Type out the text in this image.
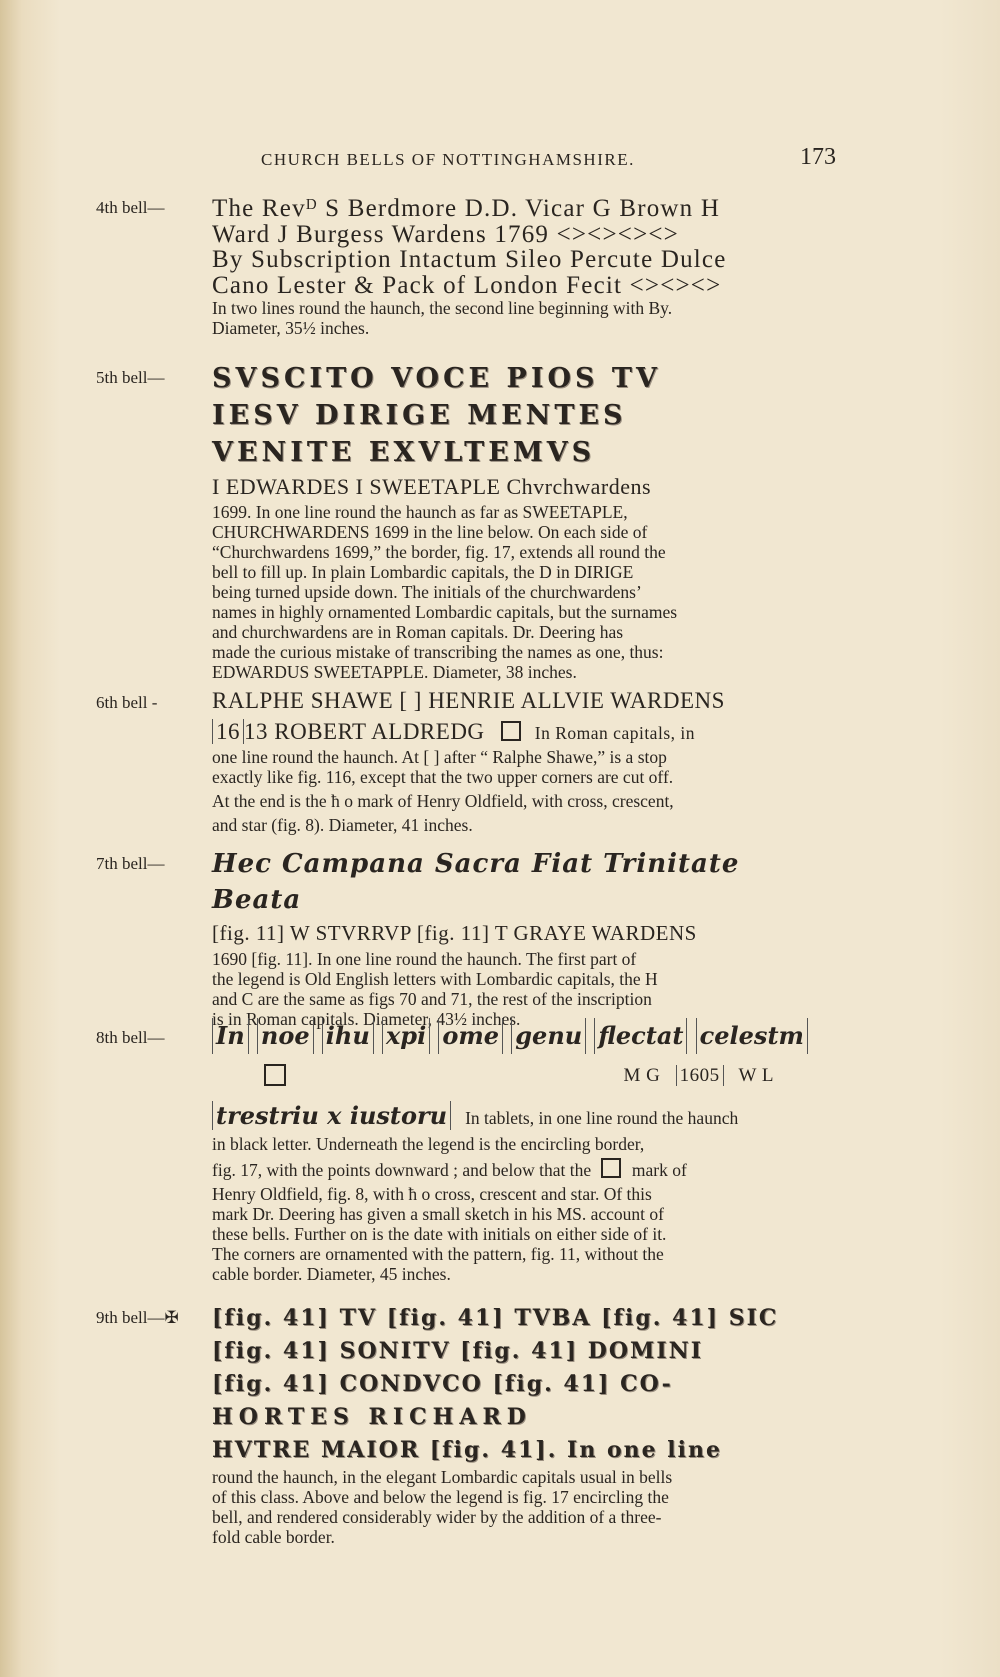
CHURCH BELLS OF NOTTINGHAMSHIRE.	173
4th bell— The Revᴰ S Berdmore D.D. Vicar G Brown H
Ward J Burgess Wardens 1769 <><><><>
By Subscription Intactum Sileo Percute Dulce
Cano Lester & Pack of London Fecit <><><>
In two lines round the haunch, the second line beginning with By.
Diameter, 35½ inches.
5th bell— SVSCITO VOCE PIOS TV
IESV DIRIGE MENTES
VENITE EXVLTEMVS
I EDWARDES I SWEETAPLE Chvrchwardens
1699. In one line round the haunch as far as SWEETAPLE,
CHURCHWARDENS 1699 in the line below. On each side of
“Churchwardens 1699,” the border, fig. 17, extends all round the
bell to fill up. In plain Lombardic capitals, the D in DIRIGE
being turned upside down. The initials of the churchwardens’
names in highly ornamented Lombardic capitals, but the surnames
and churchwardens are in Roman capitals. Dr. Deering has
made the curious mistake of transcribing the names as one, thus:
EDWARDUS SWEETAPPLE. Diameter, 38 inches.
6th bell - RALPHE SHAWE [ ] HENRIE ALLVIE WARDENS
16 13 ROBERT ALDREDG	In Roman capitals, in
one line round the haunch. At [ ] after “ Ralphe Shawe,” is a stop
exactly like fig. 116, except that the two upper corners are cut off.
At the end is the ħ o mark of Henry Oldfield, with cross, crescent,
and star (fig. 8). Diameter, 41 inches.
7th bell— Hec Campana Sacra Fiat Trinitate Beata
[fig. 11] W STVRRVP [fig. 11] T GRAYE WARDENS
1690 [fig. 11]. In one line round the haunch. The first part of
the legend is Old English letters with Lombardic capitals, the H
and C are the same as figs 70 and 71, the rest of the inscription
is in Roman capitals. Diameter, 43½ inches.
8th bell— In noe ihu xpi ome genu flectat celestm
M G 1605 W L
trestriu x iustoru In tablets, in one line round the haunch
in black letter. Underneath the legend is the encircling border,
fig. 17, with the points downward ; and below that the mark of
Henry Oldfield, fig. 8, with ħ o cross, crescent and star. Of this
mark Dr. Deering has given a small sketch in his MS. account of
these bells. Further on is the date with initials on either side of it.
The corners are ornamented with the pattern, fig. 11, without the
cable border. Diameter, 45 inches.
9th bell—✠ [fig. 41] TV [fig. 41] TVBA [fig. 41] SIC
[fig. 41] SONITV [fig. 41] DOMINI
[fig. 41] CONDVCO [fig. 41] CO-
HORTES RICHARD
HVTRE MAIOR [fig. 41]. In one line
round the haunch, in the elegant Lombardic capitals usual in bells
of this class. Above and below the legend is fig. 17 encircling the
bell, and rendered considerably wider by the addition of a three-
fold cable border.
